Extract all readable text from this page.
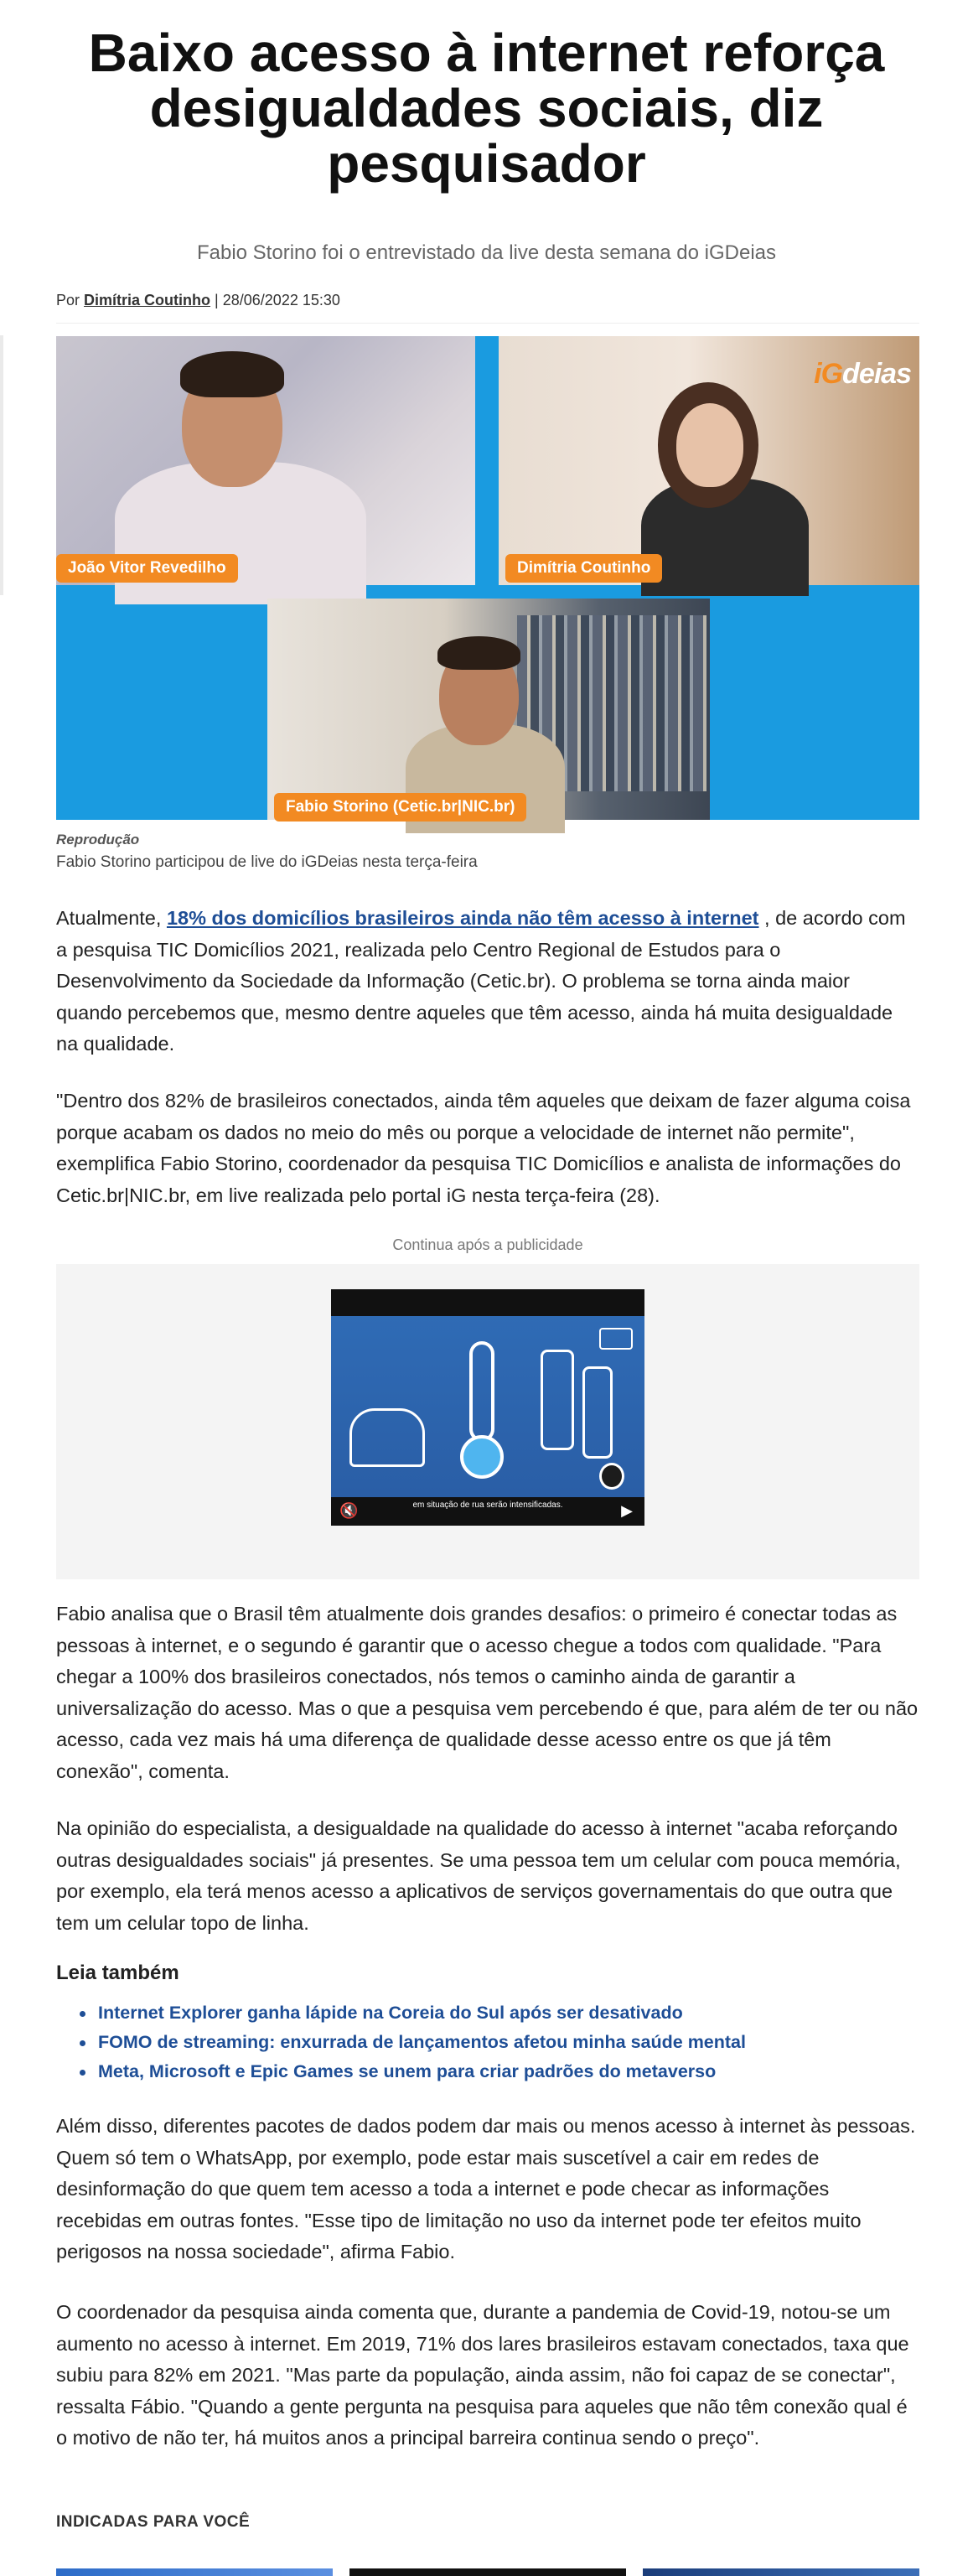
Baixo acesso à internet reforça desigualdades sociais, diz pesquisador
Fabio Storino foi o entrevistado da live desta semana do iGDeias
Por Dimítria Coutinho | 28/06/2022 15:30
João Vitor Revedilho	Dimítria Coutinho
Fabio Storino (Cetic.br|NIC.br)
iGdeias
Reprodução
Fabio Storino participou de live do iGDeias nesta terça-feira

Atualmente, 18% dos domicílios brasileiros ainda não têm acesso à internet , de acordo com a pesquisa TIC Domicílios 2021, realizada pelo Centro Regional de Estudos para o Desenvolvimento da Sociedade da Informação (Cetic.br). O problema se torna ainda maior quando percebemos que, mesmo dentre aqueles que têm acesso, ainda há muita desigualdade na qualidade.

"Dentro dos 82% de brasileiros conectados, ainda têm aqueles que deixam de fazer alguma coisa porque acabam os dados no meio do mês ou porque a velocidade de internet não permite", exemplifica Fabio Storino, coordenador da pesquisa TIC Domicílios e analista de informações do Cetic.br|NIC.br, em live realizada pelo portal iG nesta terça-feira (28).

Continua após a publicidade
em situação de rua serão intensificadas.
🔇	▶

Fabio analisa que o Brasil têm atualmente dois grandes desafios: o primeiro é conectar todas as pessoas à internet, e o segundo é garantir que o acesso chegue a todos com qualidade. "Para chegar a 100% dos brasileiros conectados, nós temos o caminho ainda de garantir a universalização do acesso. Mas o que a pesquisa vem percebendo é que, para além de ter ou não acesso, cada vez mais há uma diferença de qualidade desse acesso entre os que já têm conexão", comenta.

Na opinião do especialista, a desigualdade na qualidade do acesso à internet "acaba reforçando outras desigualdades sociais" já presentes. Se uma pessoa tem um celular com pouca memória, por exemplo, ela terá menos acesso a aplicativos de serviços governamentais do que outra que tem um celular topo de linha.

Leia também
Internet Explorer ganha lápide na Coreia do Sul após ser desativado
FOMO de streaming: enxurrada de lançamentos afetou minha saúde mental
Meta, Microsoft e Epic Games se unem para criar padrões do metaverso

Além disso, diferentes pacotes de dados podem dar mais ou menos acesso à internet às pessoas. Quem só tem o WhatsApp, por exemplo, pode estar mais suscetível a cair em redes de desinformação do que quem tem acesso a toda a internet e pode checar as informações recebidas em outras fontes. "Esse tipo de limitação no uso da internet pode ter efeitos muito perigosos na nossa sociedade", afirma Fabio.

O coordenador da pesquisa ainda comenta que, durante a pandemia de Covid-19, notou-se um aumento no acesso à internet. Em 2019, 71% dos lares brasileiros estavam conectados, taxa que subiu para 82% em 2021. "Mas parte da população, ainda assim, não foi capaz de se conectar", ressalta Fábio. "Quando a gente pergunta na pesquisa para aqueles que não têm conexão qual é o motivo de não ter, há muitos anos a principal barreira continua sendo o preço".

INDICADAS PARA VOCÊ
